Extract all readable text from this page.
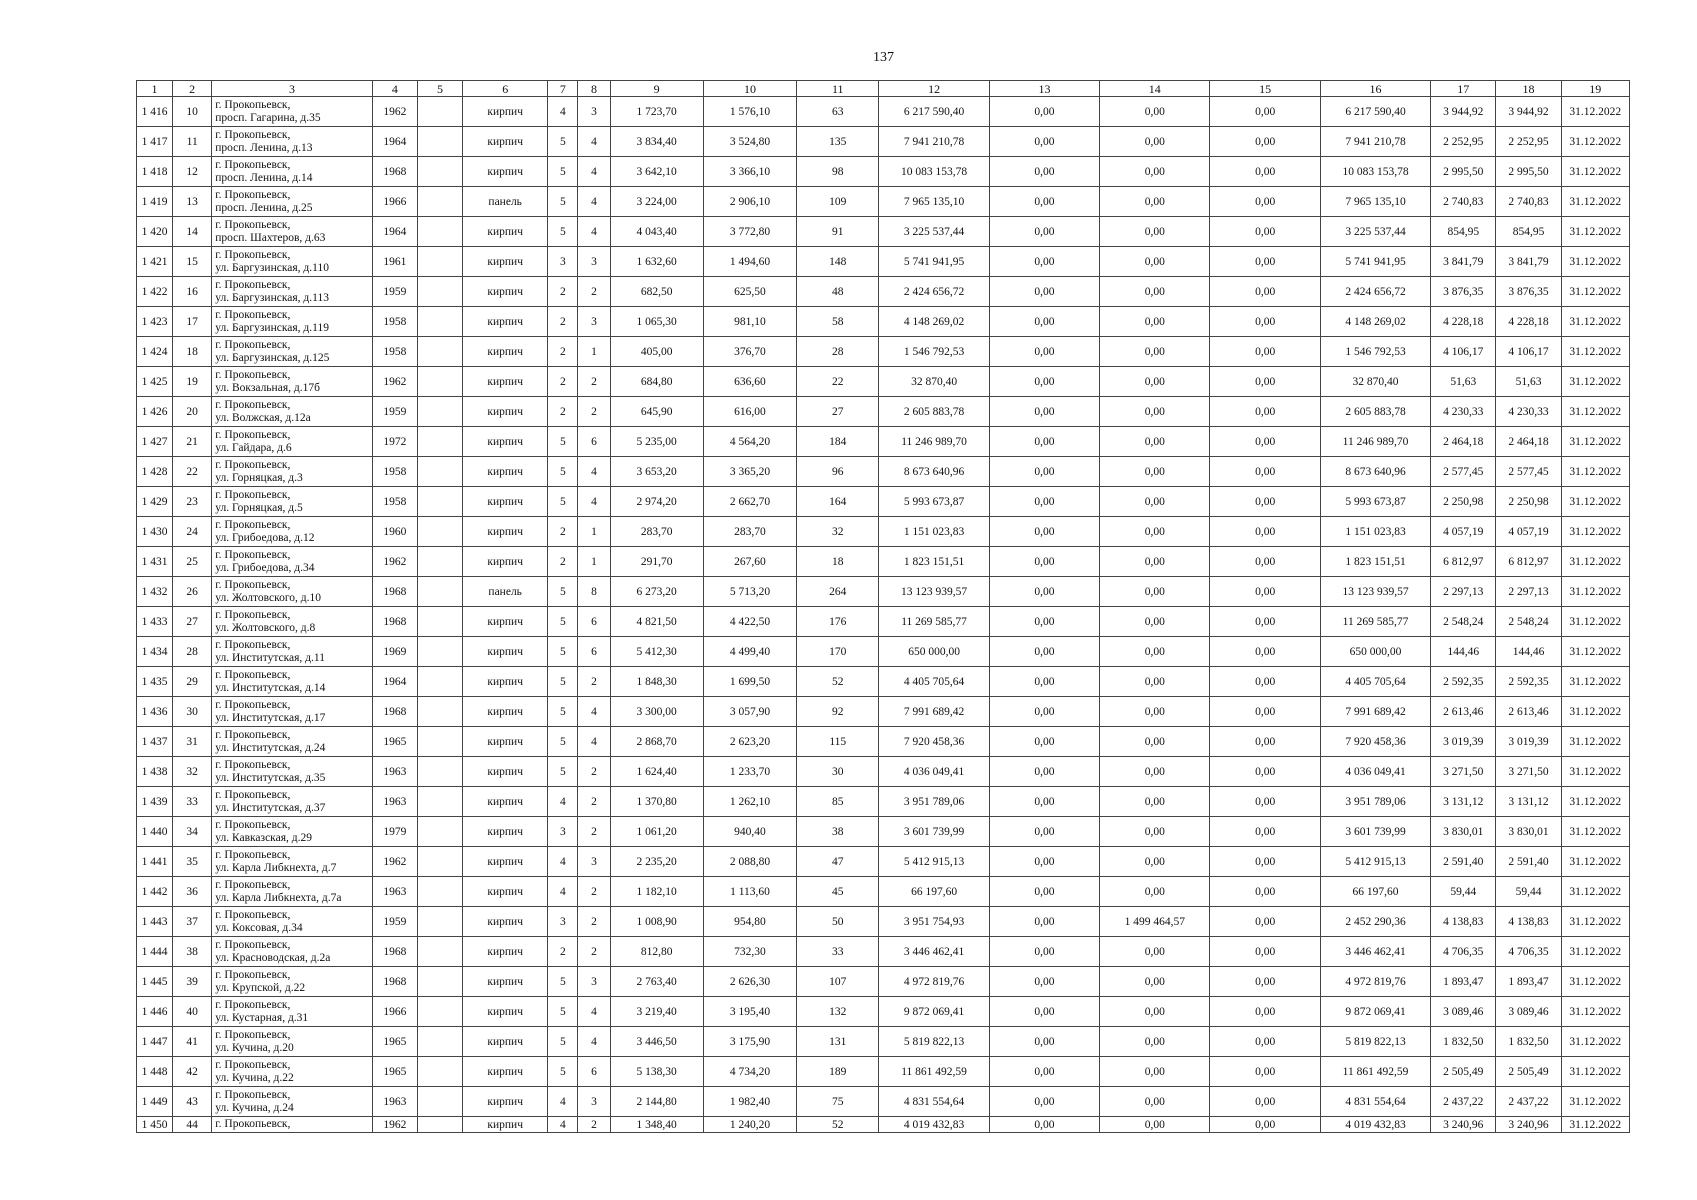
137
1	2	3	4	5	6	7	8	9	10	11	12	13	14	15	16	17	18	19
1 416	10	г. Прокопьевск,
просп. Гагарина, д.35	1962		кирпич	4	3	1 723,70	1 576,10	63	6 217 590,40	0,00	0,00	0,00	6 217 590,40	3 944,92	3 944,92	31.12.2022
1 417	11	г. Прокопьевск,
просп. Ленина, д.13	1964		кирпич	5	4	3 834,40	3 524,80	135	7 941 210,78	0,00	0,00	0,00	7 941 210,78	2 252,95	2 252,95	31.12.2022
1 418	12	г. Прокопьевск,
просп. Ленина, д.14	1968		кирпич	5	4	3 642,10	3 366,10	98	10 083 153,78	0,00	0,00	0,00	10 083 153,78	2 995,50	2 995,50	31.12.2022
1 419	13	г. Прокопьевск,
просп. Ленина, д.25	1966		панель	5	4	3 224,00	2 906,10	109	7 965 135,10	0,00	0,00	0,00	7 965 135,10	2 740,83	2 740,83	31.12.2022
1 420	14	г. Прокопьевск,
просп. Шахтеров, д.63	1964		кирпич	5	4	4 043,40	3 772,80	91	3 225 537,44	0,00	0,00	0,00	3 225 537,44	854,95	854,95	31.12.2022
1 421	15	г. Прокопьевск,
ул. Баргузинская, д.110	1961		кирпич	3	3	1 632,60	1 494,60	148	5 741 941,95	0,00	0,00	0,00	5 741 941,95	3 841,79	3 841,79	31.12.2022
1 422	16	г. Прокопьевск,
ул. Баргузинская, д.113	1959		кирпич	2	2	682,50	625,50	48	2 424 656,72	0,00	0,00	0,00	2 424 656,72	3 876,35	3 876,35	31.12.2022
1 423	17	г. Прокопьевск,
ул. Баргузинская, д.119	1958		кирпич	2	3	1 065,30	981,10	58	4 148 269,02	0,00	0,00	0,00	4 148 269,02	4 228,18	4 228,18	31.12.2022
1 424	18	г. Прокопьевск,
ул. Баргузинская, д.125	1958		кирпич	2	1	405,00	376,70	28	1 546 792,53	0,00	0,00	0,00	1 546 792,53	4 106,17	4 106,17	31.12.2022
1 425	19	г. Прокопьевск,
ул. Вокзальная, д.17б	1962		кирпич	2	2	684,80	636,60	22	32 870,40	0,00	0,00	0,00	32 870,40	51,63	51,63	31.12.2022
1 426	20	г. Прокопьевск,
ул. Волжская, д.12а	1959		кирпич	2	2	645,90	616,00	27	2 605 883,78	0,00	0,00	0,00	2 605 883,78	4 230,33	4 230,33	31.12.2022
1 427	21	г. Прокопьевск,
ул. Гайдара, д.6	1972		кирпич	5	6	5 235,00	4 564,20	184	11 246 989,70	0,00	0,00	0,00	11 246 989,70	2 464,18	2 464,18	31.12.2022
1 428	22	г. Прокопьевск,
ул. Горняцкая, д.3	1958		кирпич	5	4	3 653,20	3 365,20	96	8 673 640,96	0,00	0,00	0,00	8 673 640,96	2 577,45	2 577,45	31.12.2022
1 429	23	г. Прокопьевск,
ул. Горняцкая, д.5	1958		кирпич	5	4	2 974,20	2 662,70	164	5 993 673,87	0,00	0,00	0,00	5 993 673,87	2 250,98	2 250,98	31.12.2022
1 430	24	г. Прокопьевск,
ул. Грибоедова, д.12	1960		кирпич	2	1	283,70	283,70	32	1 151 023,83	0,00	0,00	0,00	1 151 023,83	4 057,19	4 057,19	31.12.2022
1 431	25	г. Прокопьевск,
ул. Грибоедова, д.34	1962		кирпич	2	1	291,70	267,60	18	1 823 151,51	0,00	0,00	0,00	1 823 151,51	6 812,97	6 812,97	31.12.2022
1 432	26	г. Прокопьевск,
ул. Жолтовского, д.10	1968		панель	5	8	6 273,20	5 713,20	264	13 123 939,57	0,00	0,00	0,00	13 123 939,57	2 297,13	2 297,13	31.12.2022
1 433	27	г. Прокопьевск,
ул. Жолтовского, д.8	1968		кирпич	5	6	4 821,50	4 422,50	176	11 269 585,77	0,00	0,00	0,00	11 269 585,77	2 548,24	2 548,24	31.12.2022
1 434	28	г. Прокопьевск,
ул. Институтская, д.11	1969		кирпич	5	6	5 412,30	4 499,40	170	650 000,00	0,00	0,00	0,00	650 000,00	144,46	144,46	31.12.2022
1 435	29	г. Прокопьевск,
ул. Институтская, д.14	1964		кирпич	5	2	1 848,30	1 699,50	52	4 405 705,64	0,00	0,00	0,00	4 405 705,64	2 592,35	2 592,35	31.12.2022
1 436	30	г. Прокопьевск,
ул. Институтская, д.17	1968		кирпич	5	4	3 300,00	3 057,90	92	7 991 689,42	0,00	0,00	0,00	7 991 689,42	2 613,46	2 613,46	31.12.2022
1 437	31	г. Прокопьевск,
ул. Институтская, д.24	1965		кирпич	5	4	2 868,70	2 623,20	115	7 920 458,36	0,00	0,00	0,00	7 920 458,36	3 019,39	3 019,39	31.12.2022
1 438	32	г. Прокопьевск,
ул. Институтская, д.35	1963		кирпич	5	2	1 624,40	1 233,70	30	4 036 049,41	0,00	0,00	0,00	4 036 049,41	3 271,50	3 271,50	31.12.2022
1 439	33	г. Прокопьевск,
ул. Институтская, д.37	1963		кирпич	4	2	1 370,80	1 262,10	85	3 951 789,06	0,00	0,00	0,00	3 951 789,06	3 131,12	3 131,12	31.12.2022
1 440	34	г. Прокопьевск,
ул. Кавказская, д.29	1979		кирпич	3	2	1 061,20	940,40	38	3 601 739,99	0,00	0,00	0,00	3 601 739,99	3 830,01	3 830,01	31.12.2022
1 441	35	г. Прокопьевск,
ул. Карла Либкнехта, д.7	1962		кирпич	4	3	2 235,20	2 088,80	47	5 412 915,13	0,00	0,00	0,00	5 412 915,13	2 591,40	2 591,40	31.12.2022
1 442	36	г. Прокопьевск,
ул. Карла Либкнехта, д.7а	1963		кирпич	4	2	1 182,10	1 113,60	45	66 197,60	0,00	0,00	0,00	66 197,60	59,44	59,44	31.12.2022
1 443	37	г. Прокопьевск,
ул. Коксовая, д.34	1959		кирпич	3	2	1 008,90	954,80	50	3 951 754,93	0,00	1 499 464,57	0,00	2 452 290,36	4 138,83	4 138,83	31.12.2022
1 444	38	г. Прокопьевск,
ул. Красноводская, д.2а	1968		кирпич	2	2	812,80	732,30	33	3 446 462,41	0,00	0,00	0,00	3 446 462,41	4 706,35	4 706,35	31.12.2022
1 445	39	г. Прокопьевск,
ул. Крупской, д.22	1968		кирпич	5	3	2 763,40	2 626,30	107	4 972 819,76	0,00	0,00	0,00	4 972 819,76	1 893,47	1 893,47	31.12.2022
1 446	40	г. Прокопьевск,
ул. Кустарная, д.31	1966		кирпич	5	4	3 219,40	3 195,40	132	9 872 069,41	0,00	0,00	0,00	9 872 069,41	3 089,46	3 089,46	31.12.2022
1 447	41	г. Прокопьевск,
ул. Кучина, д.20	1965		кирпич	5	4	3 446,50	3 175,90	131	5 819 822,13	0,00	0,00	0,00	5 819 822,13	1 832,50	1 832,50	31.12.2022
1 448	42	г. Прокопьевск,
ул. Кучина, д.22	1965		кирпич	5	6	5 138,30	4 734,20	189	11 861 492,59	0,00	0,00	0,00	11 861 492,59	2 505,49	2 505,49	31.12.2022
1 449	43	г. Прокопьевск,
ул. Кучина, д.24	1963		кирпич	4	3	2 144,80	1 982,40	75	4 831 554,64	0,00	0,00	0,00	4 831 554,64	2 437,22	2 437,22	31.12.2022
1 450	44	г. Прокопьевск,	1962		кирпич	4	2	1 348,40	1 240,20	52	4 019 432,83	0,00	0,00	0,00	4 019 432,83	3 240,96	3 240,96	31.12.2022
